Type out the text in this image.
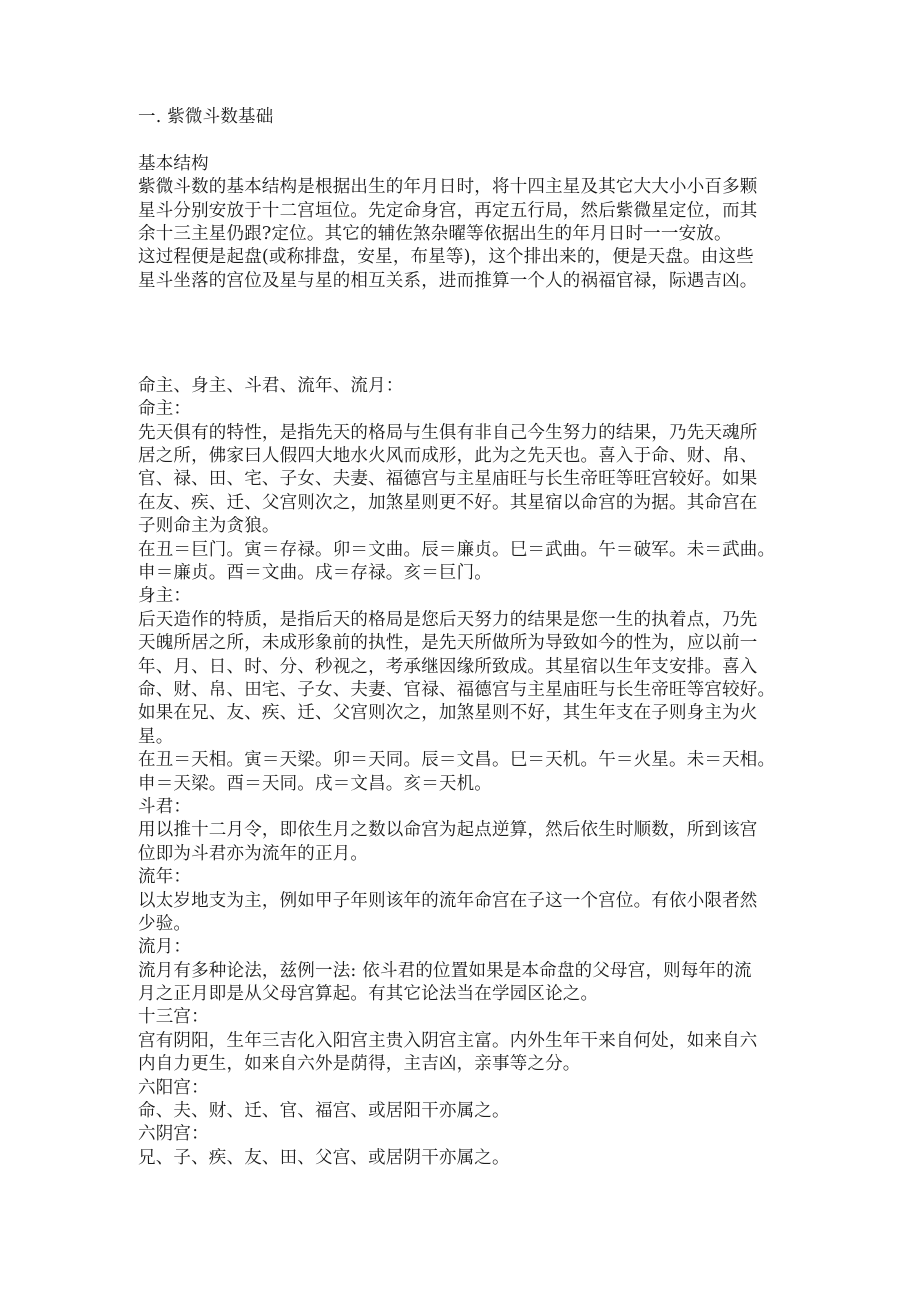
一. 紫微斗数基础
基本结构
紫微斗数的基本结构是根据出生的年月日时，将十四主星及其它大大小小百多颗
星斗分别安放于十二宫垣位。先定命身宫，再定五行局，然后紫微星定位，而其
余十三主星仍跟?定位。其它的辅佐煞杂曜等依据出生的年月日时一一安放。
这过程便是起盘(或称排盘，安星，布星等)，这个排出来的，便是天盘。由这些
星斗坐落的宫位及星与星的相互关系，进而推算一个人的祸福官禄，际遇吉凶。
命主、身主、斗君、流年、流月：
命主：
先天俱有的特性，是指先天的格局与生俱有非自己今生努力的结果，乃先天魂所
居之所，佛家曰人假四大地水火风而成形，此为之先天也。喜入于命、财、帛、
官、禄、田、宅、子女、夫妻、福德宫与主星庙旺与长生帝旺等旺宫较好。如果
在友、疾、迁、父宫则次之，加煞星则更不好。其星宿以命宫的为据。其命宫在
子则命主为贪狼。
在丑＝巨门。寅＝存禄。卯＝文曲。辰＝廉贞。巳＝武曲。午＝破军。未＝武曲。
申＝廉贞。酉＝文曲。戌＝存禄。亥＝巨门。
身主：
后天造作的特质，是指后天的格局是您后天努力的结果是您一生的执着点，乃先
天魄所居之所，未成形象前的执性，是先天所做所为导致如今的性为，应以前一
年、月、日、时、分、秒视之，考承继因缘所致成。其星宿以生年支安排。喜入
命、财、帛、田宅、子女、夫妻、官禄、福德宫与主星庙旺与长生帝旺等宫较好。
如果在兄、友、疾、迁、父宫则次之，加煞星则不好，其生年支在子则身主为火
星。
在丑＝天相。寅＝天梁。卯＝天同。辰＝文昌。巳＝天机。午＝火星。未＝天相。
申＝天梁。酉＝天同。戌＝文昌。亥＝天机。
斗君：
用以推十二月令，即依生月之数以命宫为起点逆算，然后依生时顺数，所到该宫
位即为斗君亦为流年的正月。
流年：
以太岁地支为主，例如甲子年则该年的流年命宫在子这一个宫位。有依小限者然
少验。
流月：
流月有多种论法，兹例一法: 依斗君的位置如果是本命盘的父母宫，则每年的流
月之正月即是从父母宫算起。有其它论法当在学园区论之。
十三宫：
宫有阴阳，生年三吉化入阳宫主贵入阴宫主富。内外生年干来自何处，如来自六
内自力更生，如来自六外是荫得，主吉凶，亲事等之分。
六阳宫：
命、夫、财、迁、官、福宫、或居阳干亦属之。
六阴宫：
兄、子、疾、友、田、父宫、或居阴干亦属之。
